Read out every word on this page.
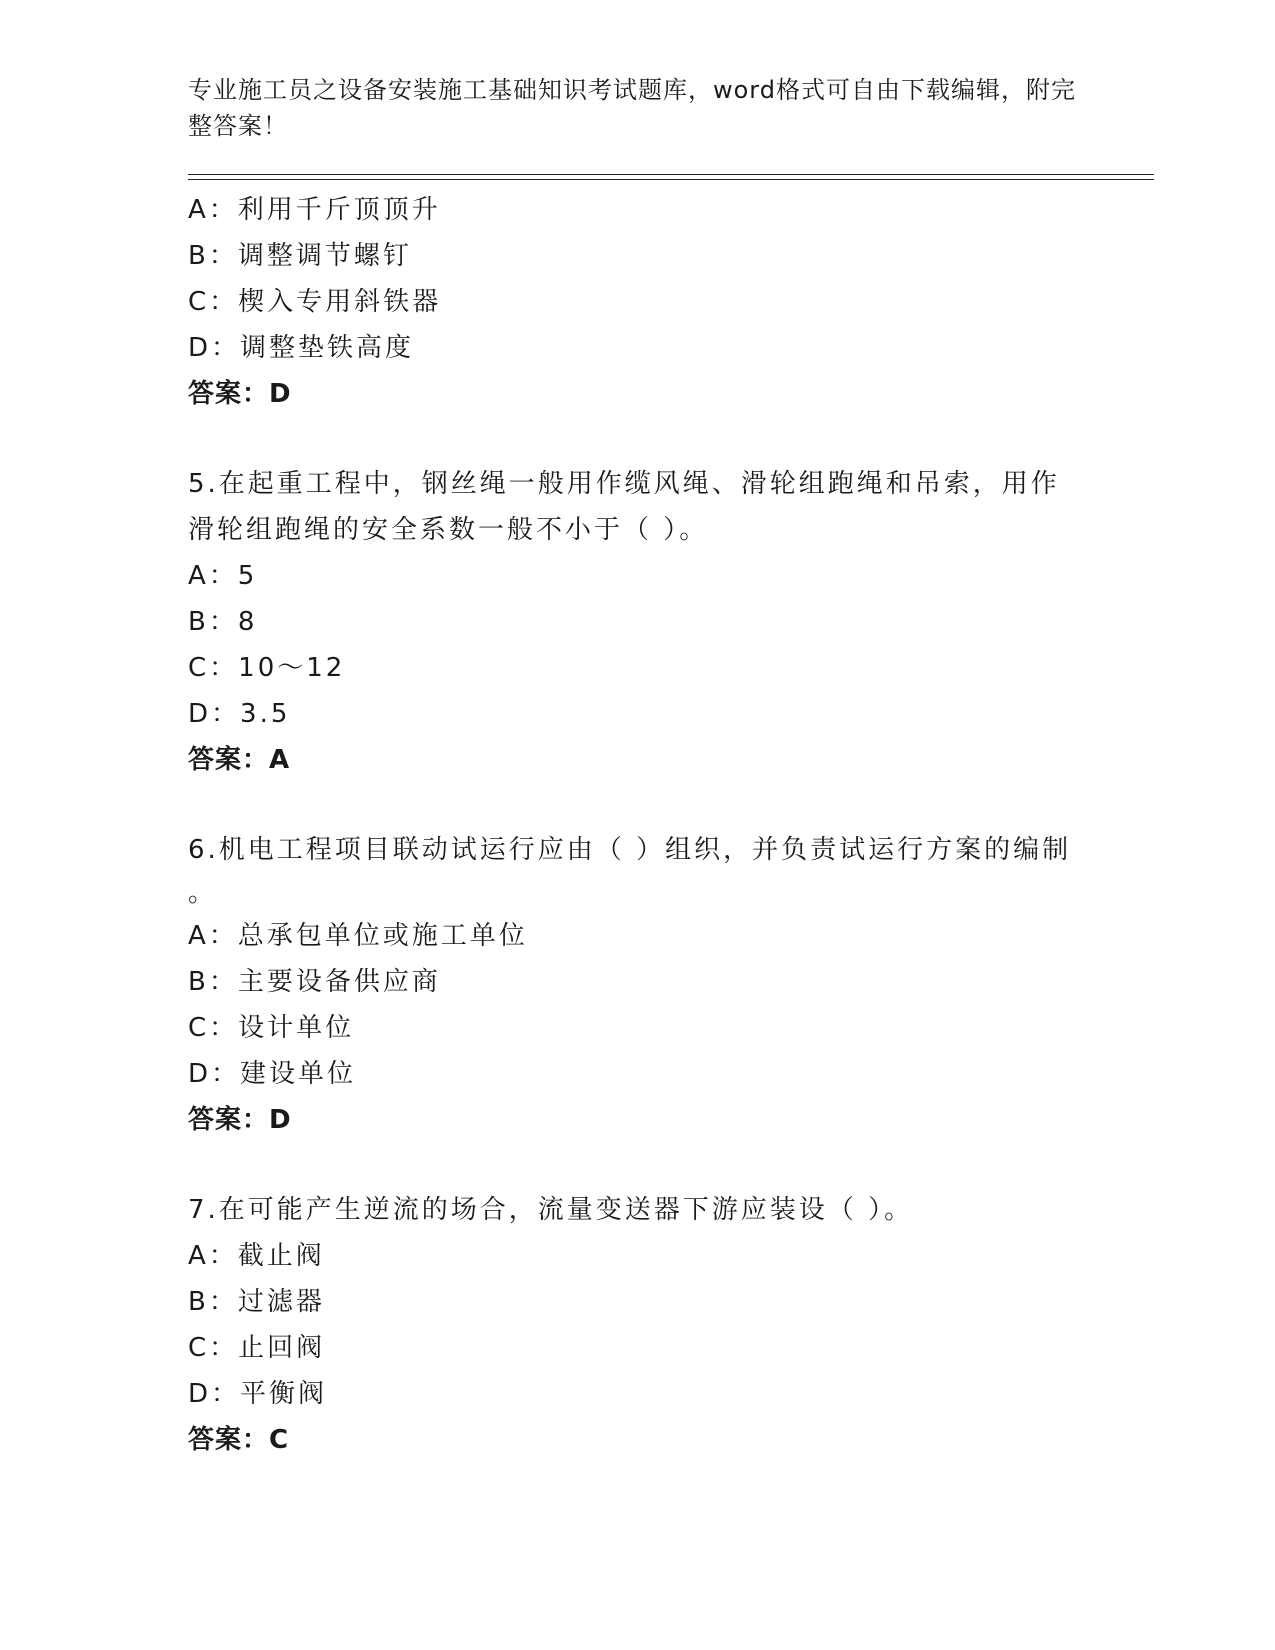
专业施工员之设备安装施工基础知识考试题库，word格式可自由下载编辑，附完
整答案！
A：利用千斤顶顶升
B：调整调节螺钉
C：楔入专用斜铁器
D：调整垫铁高度
答案：D
5.在起重工程中，钢丝绳一般用作缆风绳、滑轮组跑绳和吊索，用作
滑轮组跑绳的安全系数一般不小于（ ）。
A：5
B：8
C：10～12
D：3.5
答案：A
6.机电工程项目联动试运行应由（ ）组织，并负责试运行方案的编制
。
A：总承包单位或施工单位
B：主要设备供应商
C：设计单位
D：建设单位
答案：D
7.在可能产生逆流的场合，流量变送器下游应装设（ ）。
A：截止阀
B：过滤器
C：止回阀
D：平衡阀
答案：C
